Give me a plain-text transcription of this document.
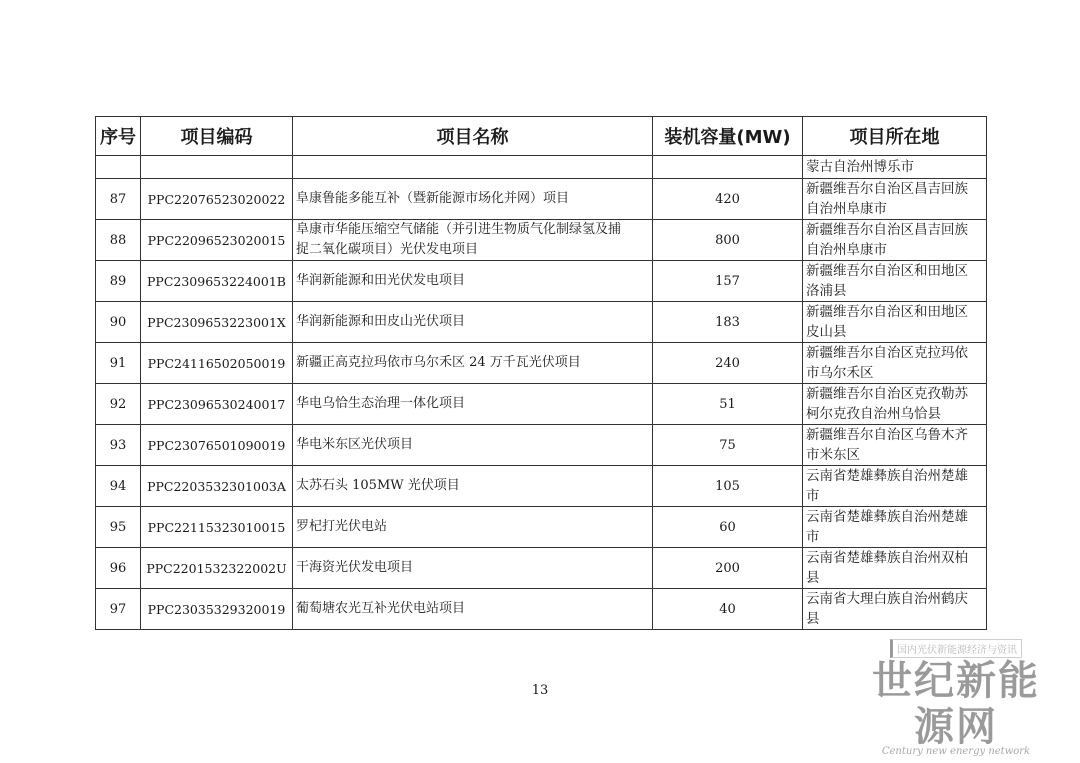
序号	项目编码	项目名称	装机容量(MW)	项目所在地
				蒙古自治州博乐市
87	PPC22076523020022	阜康鲁能多能互补（暨新能源市场化并网）项目	420	新疆维吾尔自治区昌吉回族
自治州阜康市
88	PPC22096523020015	阜康市华能压缩空气储能（并引进生物质气化制绿氢及捕
捉二氧化碳项目）光伏发电项目	800	新疆维吾尔自治区昌吉回族
自治州阜康市
89	PPC2309653224001B	华润新能源和田光伏发电项目	157	新疆维吾尔自治区和田地区
洛浦县
90	PPC2309653223001X	华润新能源和田皮山光伏项目	183	新疆维吾尔自治区和田地区
皮山县
91	PPC24116502050019	新疆正高克拉玛依市乌尔禾区 24 万千瓦光伏项目	240	新疆维吾尔自治区克拉玛依
市乌尔禾区
92	PPC23096530240017	华电乌恰生态治理一体化项目	51	新疆维吾尔自治区克孜勒苏
柯尔克孜自治州乌恰县
93	PPC23076501090019	华电米东区光伏项目	75	新疆维吾尔自治区乌鲁木齐
市米东区
94	PPC2203532301003A	太苏石头 105MW 光伏项目	105	云南省楚雄彝族自治州楚雄
市
95	PPC22115323010015	罗杞打光伏电站	60	云南省楚雄彝族自治州楚雄
市
96	PPC2201532322002U	干海资光伏发电项目	200	云南省楚雄彝族自治州双柏
县
97	PPC23035329320019	葡萄塘农光互补光伏电站项目	40	云南省大理白族自治州鹤庆
县
13
国内光伏新能源经济与资讯
世纪新能源网
Century new energy network
